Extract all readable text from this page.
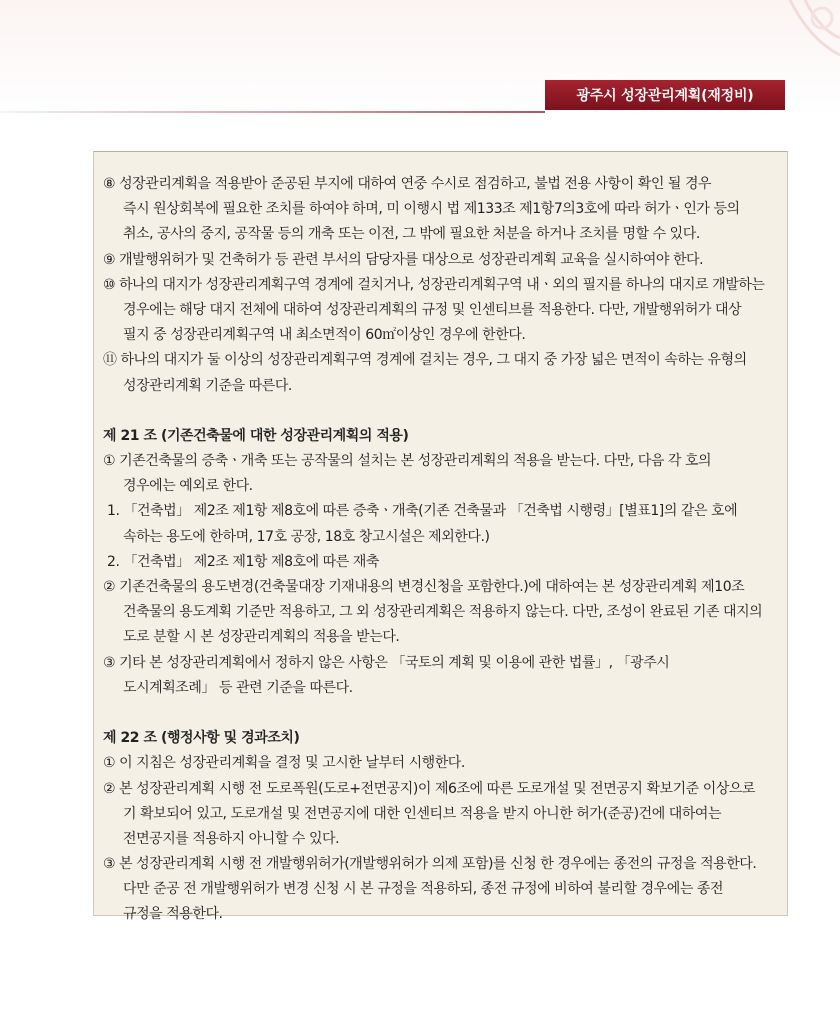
광주시 성장관리계획(재정비)
⑧ 성장관리계획을 적용받아 준공된 부지에 대하여 연중 수시로 점검하고, 불법 전용 사항이 확인 될 경우
즉시 원상회복에 필요한 조치를 하여야 하며, 미 이행시 법 제133조 제1항7의3호에 따라 허가ㆍ인가 등의
취소, 공사의 중지, 공작물 등의 개축 또는 이전, 그 밖에 필요한 처분을 하거나 조치를 명할 수 있다.
⑨ 개발행위허가 및 건축허가 등 관련 부서의 담당자를 대상으로 성장관리계획 교육을 실시하여야 한다.
⑩ 하나의 대지가 성장관리계획구역 경계에 걸치거나, 성장관리계획구역 내ㆍ외의 필지를 하나의 대지로 개발하는
경우에는 해당 대지 전체에 대하여 성장관리계획의 규정 및 인센티브를 적용한다. 다만, 개발행위허가 대상
필지 중 성장관리계획구역 내 최소면적이 60㎡이상인 경우에 한한다.
⑪ 하나의 대지가 둘 이상의 성장관리계획구역 경계에 걸치는 경우, 그 대지 중 가장 넓은 면적이 속하는 유형의
성장관리계획 기준을 따른다.
제 21 조 (기존건축물에 대한 성장관리계획의 적용)
① 기존건축물의 증축ㆍ개축 또는 공작물의 설치는 본 성장관리계획의 적용을 받는다. 다만, 다음 각 호의
경우에는 예외로 한다.
1. 「건축법」 제2조 제1항 제8호에 따른 증축ㆍ개축(기존 건축물과 「건축법 시행령」[별표1]의 같은 호에
속하는 용도에 한하며, 17호 공장, 18호 창고시설은 제외한다.)
2. 「건축법」 제2조 제1항 제8호에 따른 재축
② 기존건축물의 용도변경(건축물대장 기재내용의 변경신청을 포함한다.)에 대하여는 본 성장관리계획 제10조
건축물의 용도계획 기준만 적용하고, 그 외 성장관리계획은 적용하지 않는다. 다만, 조성이 완료된 기존 대지의
도로 분할 시 본 성장관리계획의 적용을 받는다.
③ 기타 본 성장관리계획에서 정하지 않은 사항은 「국토의 계획 및 이용에 관한 법률」, 「광주시
도시계획조례」 등 관련 기준을 따른다.
제 22 조 (행정사항 및 경과조치)
① 이 지침은 성장관리계획을 결정 및 고시한 날부터 시행한다.
② 본 성장관리계획 시행 전 도로폭원(도로+전면공지)이 제6조에 따른 도로개설 및 전면공지 확보기준 이상으로
기 확보되어 있고, 도로개설 및 전면공지에 대한 인센티브 적용을 받지 아니한 허가(준공)건에 대하여는
전면공지를 적용하지 아니할 수 있다.
③ 본 성장관리계획 시행 전 개발행위허가(개발행위허가 의제 포함)를 신청 한 경우에는 종전의 규정을 적용한다.
다만 준공 전 개발행위허가 변경 신청 시 본 규정을 적용하되, 종전 규정에 비하여 불리할 경우에는 종전
규정을 적용한다.
